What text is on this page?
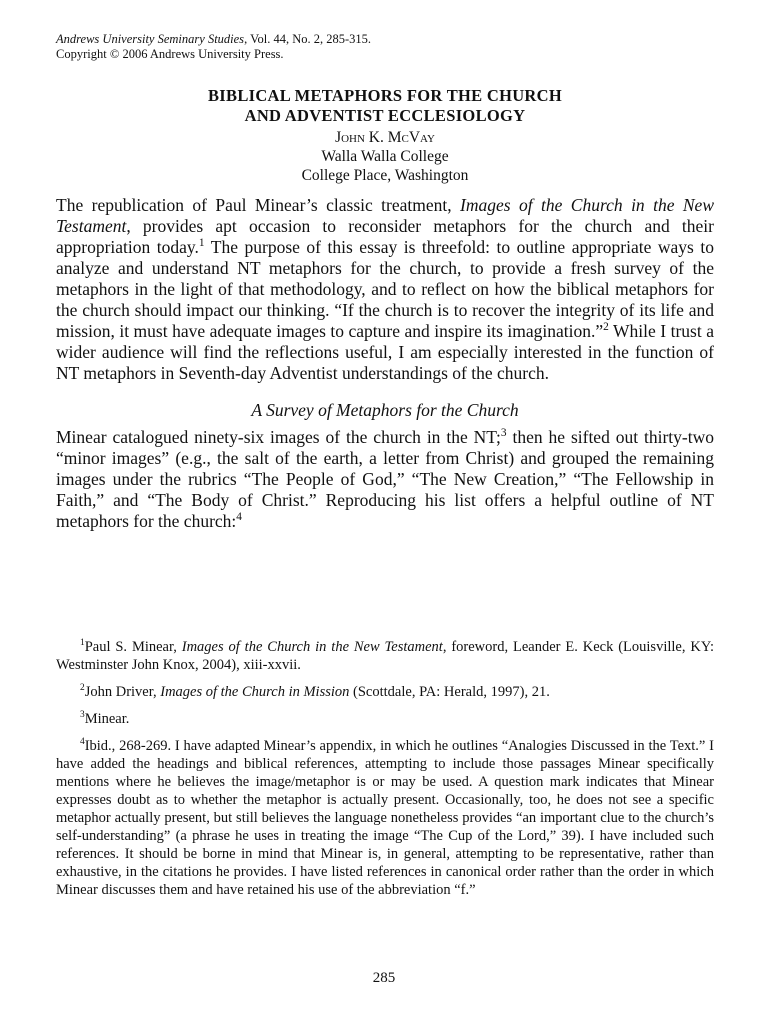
Andrews University Seminary Studies, Vol. 44, No. 2, 285-315.
Copyright © 2006 Andrews University Press.
BIBLICAL METAPHORS FOR THE CHURCH
AND ADVENTIST ECCLESIOLOGY
John K. McVay
Walla Walla College
College Place, Washington

The republication of Paul Minear’s classic treatment, Images of the Church in the New Testament, provides apt occasion to reconsider metaphors for the church and their appropriation today.$^1$ The purpose of this essay is threefold: to outline appropriate ways to analyze and understand NT metaphors for the church, to provide a fresh survey of the metaphors in the light of that methodology, and to reflect on how the biblical metaphors for the church should impact our thinking. “If the church is to recover the integrity of its life and mission, it must have adequate images to capture and inspire its imagination.”$^2$ While I trust a wider audience will find the reflections useful, I am especially interested in the function of NT metaphors in Seventh-day Adventist understandings of the church.

A Survey of Metaphors for the Church

Minear catalogued ninety-six images of the church in the NT;$^3$ then he sifted out thirty-two “minor images” (e.g., the salt of the earth, a letter from Christ) and grouped the remaining images under the rubrics “The People of God,” “The New Creation,” “The Fellowship in Faith,” and “The Body of Christ.” Reproducing his list offers a helpful outline of NT metaphors for the church:$^4$

$^1$Paul S. Minear, Images of the Church in the New Testament, foreword, Leander E. Keck (Louisville, KY: Westminster John Knox, 2004), xiii-xxvii.

$^2$John Driver, Images of the Church in Mission (Scottdale, PA: Herald, 1997), 21.

$^3$Minear.

$^4$Ibid., 268-269. I have adapted Minear’s appendix, in which he outlines “Analogies Discussed in the Text.” I have added the headings and biblical references, attempting to include those passages Minear specifically mentions where he believes the image/metaphor is or may be used. A question mark indicates that Minear expresses doubt as to whether the metaphor is actually present. Occasionally, too, he does not see a specific metaphor actually present, but still believes the language nonetheless provides “an important clue to the church’s self-understanding” (a phrase he uses in treating the image “The Cup of the Lord,” 39). I have included such references. It should be borne in mind that Minear is, in general, attempting to be representative, rather than exhaustive, in the citations he provides. I have listed references in canonical order rather than the order in which Minear discusses them and have retained his use of the abbreviation “f.”

285
